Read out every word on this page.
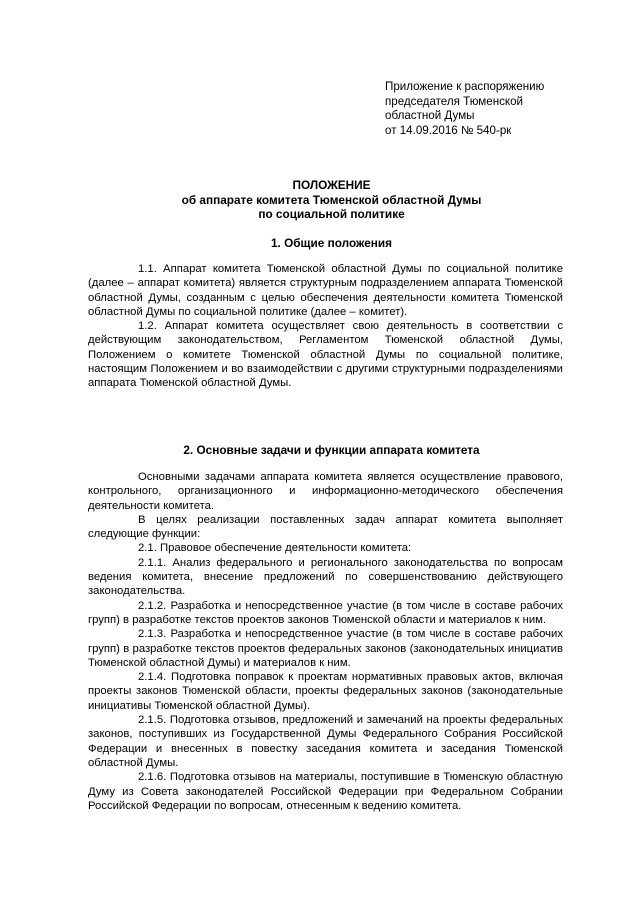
Приложение к распоряжению
председателя Тюменской
областной Думы
от 14.09.2016 № 540-рк
ПОЛОЖЕНИЕ
об аппарате комитета Тюменской областной Думы
по социальной политике
1. Общие положения

1.1. Аппарат комитета Тюменской областной Думы по социальной политике (далее – аппарат комитета) является структурным подразделением аппарата Тюменской областной Думы, созданным с целью обеспечения деятельности комитета Тюменской областной Думы по социальной политике (далее – комитет).

1.2. Аппарат комитета осуществляет свою деятельность в соответствии с действующим законодательством, Регламентом Тюменской областной Думы, Положением о комитете Тюменской областной Думы по социальной политике, настоящим Положением и во взаимодействии с другими структурными подразделениями аппарата Тюменской областной Думы.

2. Основные задачи и функции аппарата комитета

Основными задачами аппарата комитета является осуществление правового, контрольного, организационного и информационно-методического обеспечения деятельности комитета.

В целях реализации поставленных задач аппарат комитета выполняет следующие функции:

2.1. Правовое обеспечение деятельности комитета:

2.1.1. Анализ федерального и регионального законодательства по вопросам ведения комитета, внесение предложений по совершенствованию действующего законодательства.

2.1.2. Разработка и непосредственное участие (в том числе в составе рабочих групп) в разработке текстов проектов законов Тюменской области и материалов к ним.

2.1.3. Разработка и непосредственное участие (в том числе в составе рабочих групп) в разработке текстов проектов федеральных законов (законодательных инициатив Тюменской областной Думы) и материалов к ним.

2.1.4. Подготовка поправок к проектам нормативных правовых актов, включая проекты законов Тюменской области, проекты федеральных законов (законодательные инициативы Тюменской областной Думы).

2.1.5. Подготовка отзывов, предложений и замечаний на проекты федеральных законов, поступивших из Государственной Думы Федерального Собрания Российской Федерации и внесенных в повестку заседания комитета и заседания Тюменской областной Думы.

2.1.6. Подготовка отзывов на материалы, поступившие в Тюменскую областную Думу из Совета законодателей Российской Федерации при Федеральном Собрании Российской Федерации по вопросам, отнесенным к ведению комитета.
